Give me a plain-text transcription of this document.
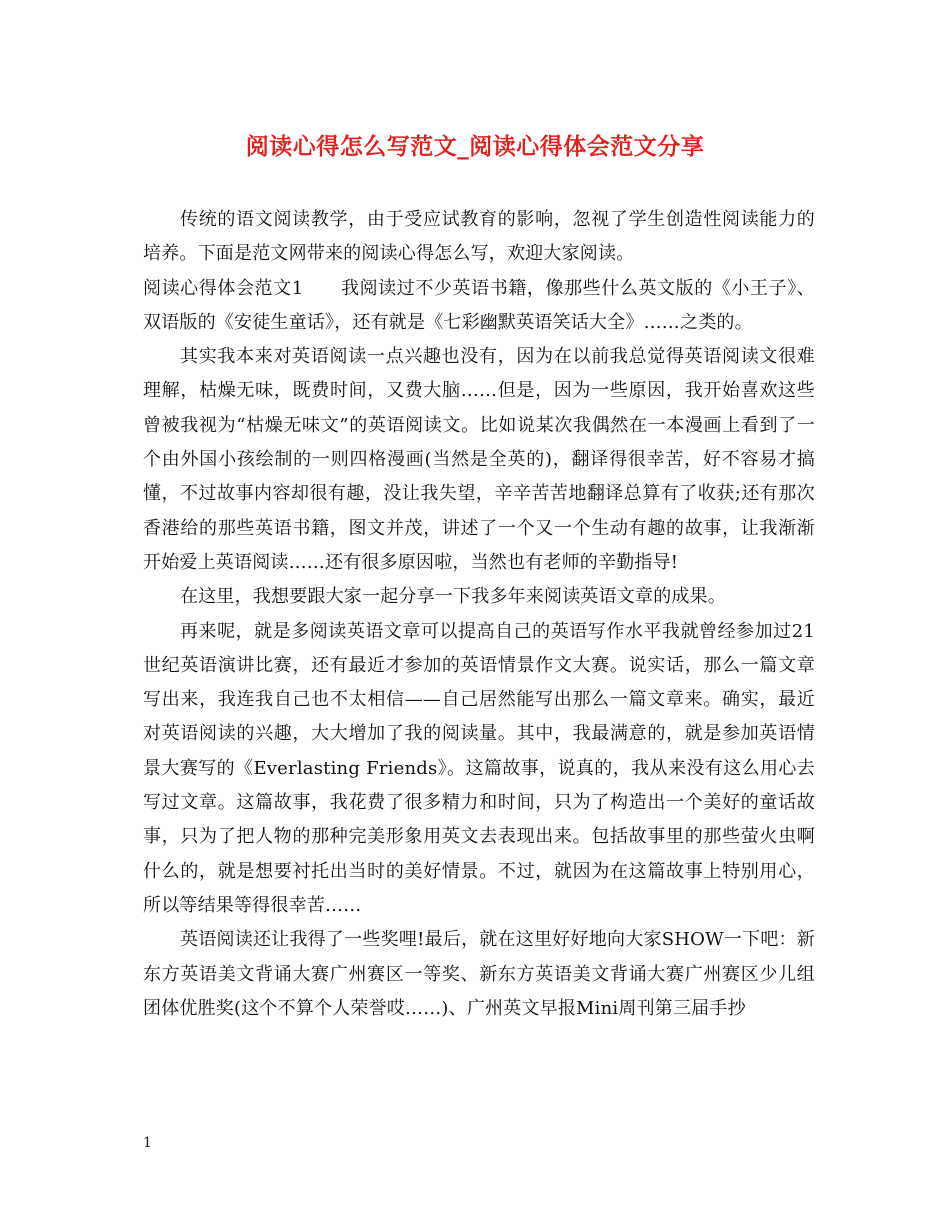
阅读心得怎么写范文_阅读心得体会范文分享

传统的语文阅读教学，由于受应试教育的影响，忽视了学生创造性阅读能力的培养。下面是范文网带来的阅读心得怎么写，欢迎大家阅读。

阅读心得体会范文1　　我阅读过不少英语书籍，像那些什么英文版的《小王子》、双语版的《安徒生童话》，还有就是《七彩幽默英语笑话大全》……之类的。

其实我本来对英语阅读一点兴趣也没有，因为在以前我总觉得英语阅读文很难理解，枯燥无味，既费时间，又费大脑……但是，因为一些原因，我开始喜欢这些曾被我视为“枯燥无味文”的英语阅读文。比如说某次我偶然在一本漫画上看到了一个由外国小孩绘制的一则四格漫画(当然是全英的)，翻译得很幸苦，好不容易才搞懂，不过故事内容却很有趣，没让我失望，辛辛苦苦地翻译总算有了收获;还有那次香港给的那些英语书籍，图文并茂，讲述了一个又一个生动有趣的故事，让我渐渐开始爱上英语阅读……还有很多原因啦，当然也有老师的辛勤指导!

在这里，我想要跟大家一起分享一下我多年来阅读英语文章的成果。

再来呢，就是多阅读英语文章可以提高自己的英语写作水平我就曾经参加过21世纪英语演讲比赛，还有最近才参加的英语情景作文大赛。说实话，那么一篇文章写出来，我连我自己也不太相信——自己居然能写出那么一篇文章来。确实，最近对英语阅读的兴趣，大大增加了我的阅读量。其中，我最满意的，就是参加英语情景大赛写的《Everlasting Friends》。这篇故事，说真的，我从来没有这么用心去写过文章。这篇故事，我花费了很多精力和时间，只为了构造出一个美好的童话故事，只为了把人物的那种完美形象用英文去表现出来。包括故事里的那些萤火虫啊什么的，就是想要衬托出当时的美好情景。不过，就因为在这篇故事上特别用心，所以等结果等得很幸苦……

英语阅读还让我得了一些奖哩!最后，就在这里好好地向大家SHOW一下吧：新东方英语美文背诵大赛广州赛区一等奖、新东方英语美文背诵大赛广州赛区少儿组团体优胜奖(这个不算个人荣誉哎……)、广州英文早报Mini周刊第三届手抄

1
